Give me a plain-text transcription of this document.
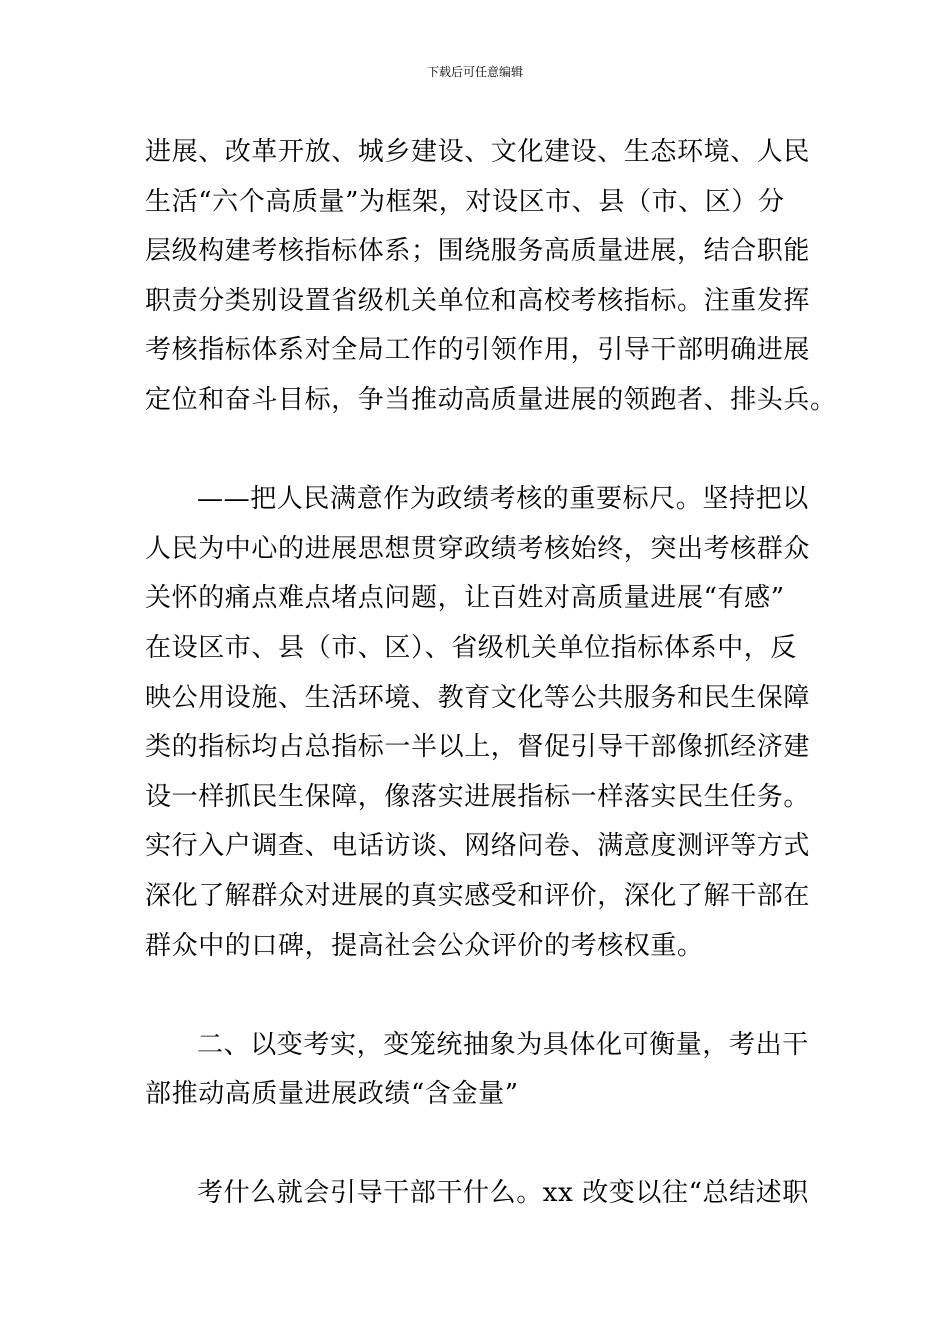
下载后可任意编辑
进展、改革开放、城乡建设、文化建设、生态环境、人民
生活“六个高质量”为框架，对设区市、县（市、区）分
层级构建考核指标体系；围绕服务高质量进展，结合职能
职责分类别设置省级机关单位和高校考核指标。注重发挥
考核指标体系对全局工作的引领作用，引导干部明确进展
定位和奋斗目标，争当推动高质量进展的领跑者、排头兵。
——把人民满意作为政绩考核的重要标尺。坚持把以
人民为中心的进展思想贯穿政绩考核始终，突出考核群众
关怀的痛点难点堵点问题，让百姓对高质量进展“有感”
在设区市、县（市、区）、省级机关单位指标体系中，反
映公用设施、生活环境、教育文化等公共服务和民生保障
类的指标均占总指标一半以上，督促引导干部像抓经济建
设一样抓民生保障，像落实进展指标一样落实民生任务。
实行入户调查、电话访谈、网络问卷、满意度测评等方式
深化了解群众对进展的真实感受和评价，深化了解干部在
群众中的口碑，提高社会公众评价的考核权重。
二、以变考实，变笼统抽象为具体化可衡量，考出干
部推动高质量进展政绩“含金量”
考什么就会引导干部干什么。xx 改变以往“总结述职
